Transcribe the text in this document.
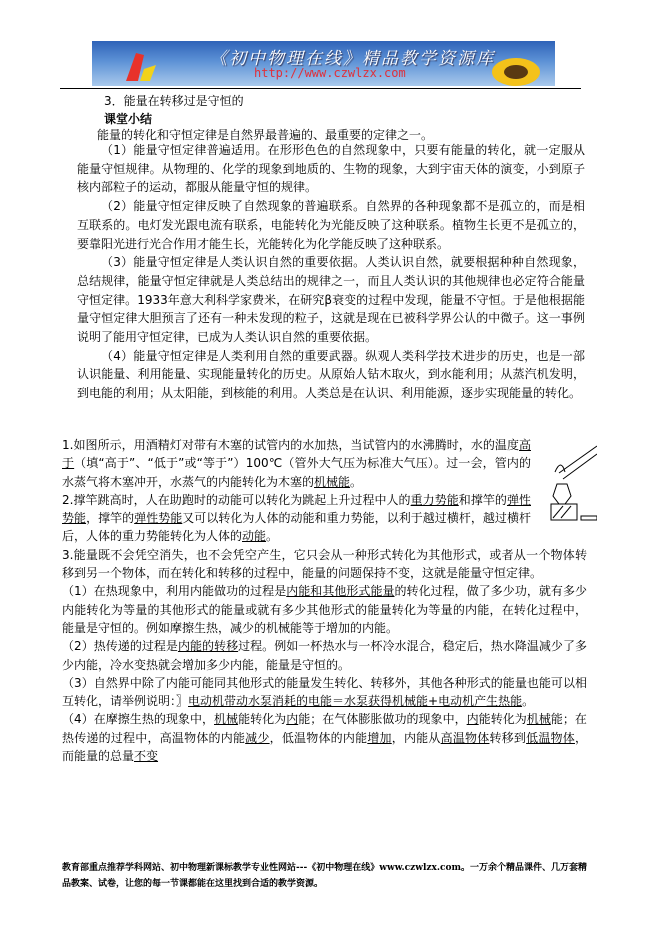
《初中物理在线》精品教学资源库
http://www.czwlzx.com
3．能量在转移过是守恒的
课堂小结
能量的转化和守恒定律是自然界最普遍的、最重要的定律之一。

（1）能量守恒定律普遍适用。在形形色色的自然现象中，只要有能量的转化，就一定服从能量守恒规律。从物理的、化学的现象到地质的、生物的现象，大到宇宙天体的演变，小到原子核内部粒子的运动，都服从能量守恒的规律。

（2）能量守恒定律反映了自然现象的普遍联系。自然界的各种现象都不是孤立的，而是相互联系的。电灯发光跟电流有联系，电能转化为光能反映了这种联系。植物生长更不是孤立的，要靠阳光进行光合作用才能生长，光能转化为化学能反映了这种联系。

（3）能量守恒定律是人类认识自然的重要依据。人类认识自然，就要根据种种自然现象，总结规律，能量守恒定律就是人类总结出的规律之一，而且人类认识的其他规律也必定符合能量守恒定律。1933年意大利科学家费米，在研究β衰变的过程中发现，能量不守恒。于是他根据能量守恒定律大胆预言了还有一种未发现的粒子，这就是现在已被科学界公认的中微子。这一事例说明了能用守恒定律，已成为人类认识自然的重要依据。

（4）能量守恒定律是人类利用自然的重要武器。纵观人类科学技术进步的历史，也是一部认识能量、利用能量、实现能量转化的历史。从原始人钻木取火，到水能利用；从蒸汽机发明，到电能的利用；从太阳能，到核能的利用。人类总是在认识、利用能源，逐步实现能量的转化。

1.如图所示，用酒精灯对带有木塞的试管内的水加热，当试管内的水沸腾时，水的温度高于（填“高于”、“低于”或“等于”）100℃（管外大气压为标准大气压）。过一会，管内的水蒸气将木塞冲开，水蒸气的内能转化为木塞的机械能。

2.撑竿跳高时，人在助跑时的动能可以转化为跳起上升过程中人的重力势能和撑竿的弹性势能，撑竿的弹性势能又可以转化为人体的动能和重力势能，以利于越过横杆，越过横杆后，人体的重力势能转化为人体的动能。

3.能量既不会凭空消失，也不会凭空产生，它只会从一种形式转化为其他形式，或者从一个物体转移到另一个物体，而在转化和转移的过程中，能量的问题保持不变，这就是能量守恒定律。

（1）在热现象中，利用内能做功的过程是内能和其他形式能量的转化过程，做了多少功，就有多少内能转化为等量的其他形式的能量或就有多少其他形式的能量转化为等量的内能，在转化过程中，能量是守恒的。例如摩擦生热，减少的机械能等于增加的内能。

（2）热传递的过程是内能的转移过程。例如一杯热水与一杯冷水混合，稳定后，热水降温减少了多少内能，冷水变热就会增加多少内能，能量是守恒的。

（3）自然界中除了内能可能同其他形式的能量发生转化、转移外，其他各种形式的能量也能可以相互转化，请举例说明：〗电动机带动水泵消耗的电能＝水泵获得机械能+电动机产生热能。

（4）在摩擦生热的现象中，机械能转化为内能；在气体膨胀做功的现象中，内能转化为机械能；在热传递的过程中，高温物体的内能减少，低温物体的内能增加，内能从高温物体转移到低温物体，而能量的总量不变

教育部重点推荐学科网站、初中物理新课标教学专业性网站---《初中物理在线》www.czwlzx.com。一万余个精品课件、几万套精品教案、试卷，让您的每一节课都能在这里找到合适的教学资源。
